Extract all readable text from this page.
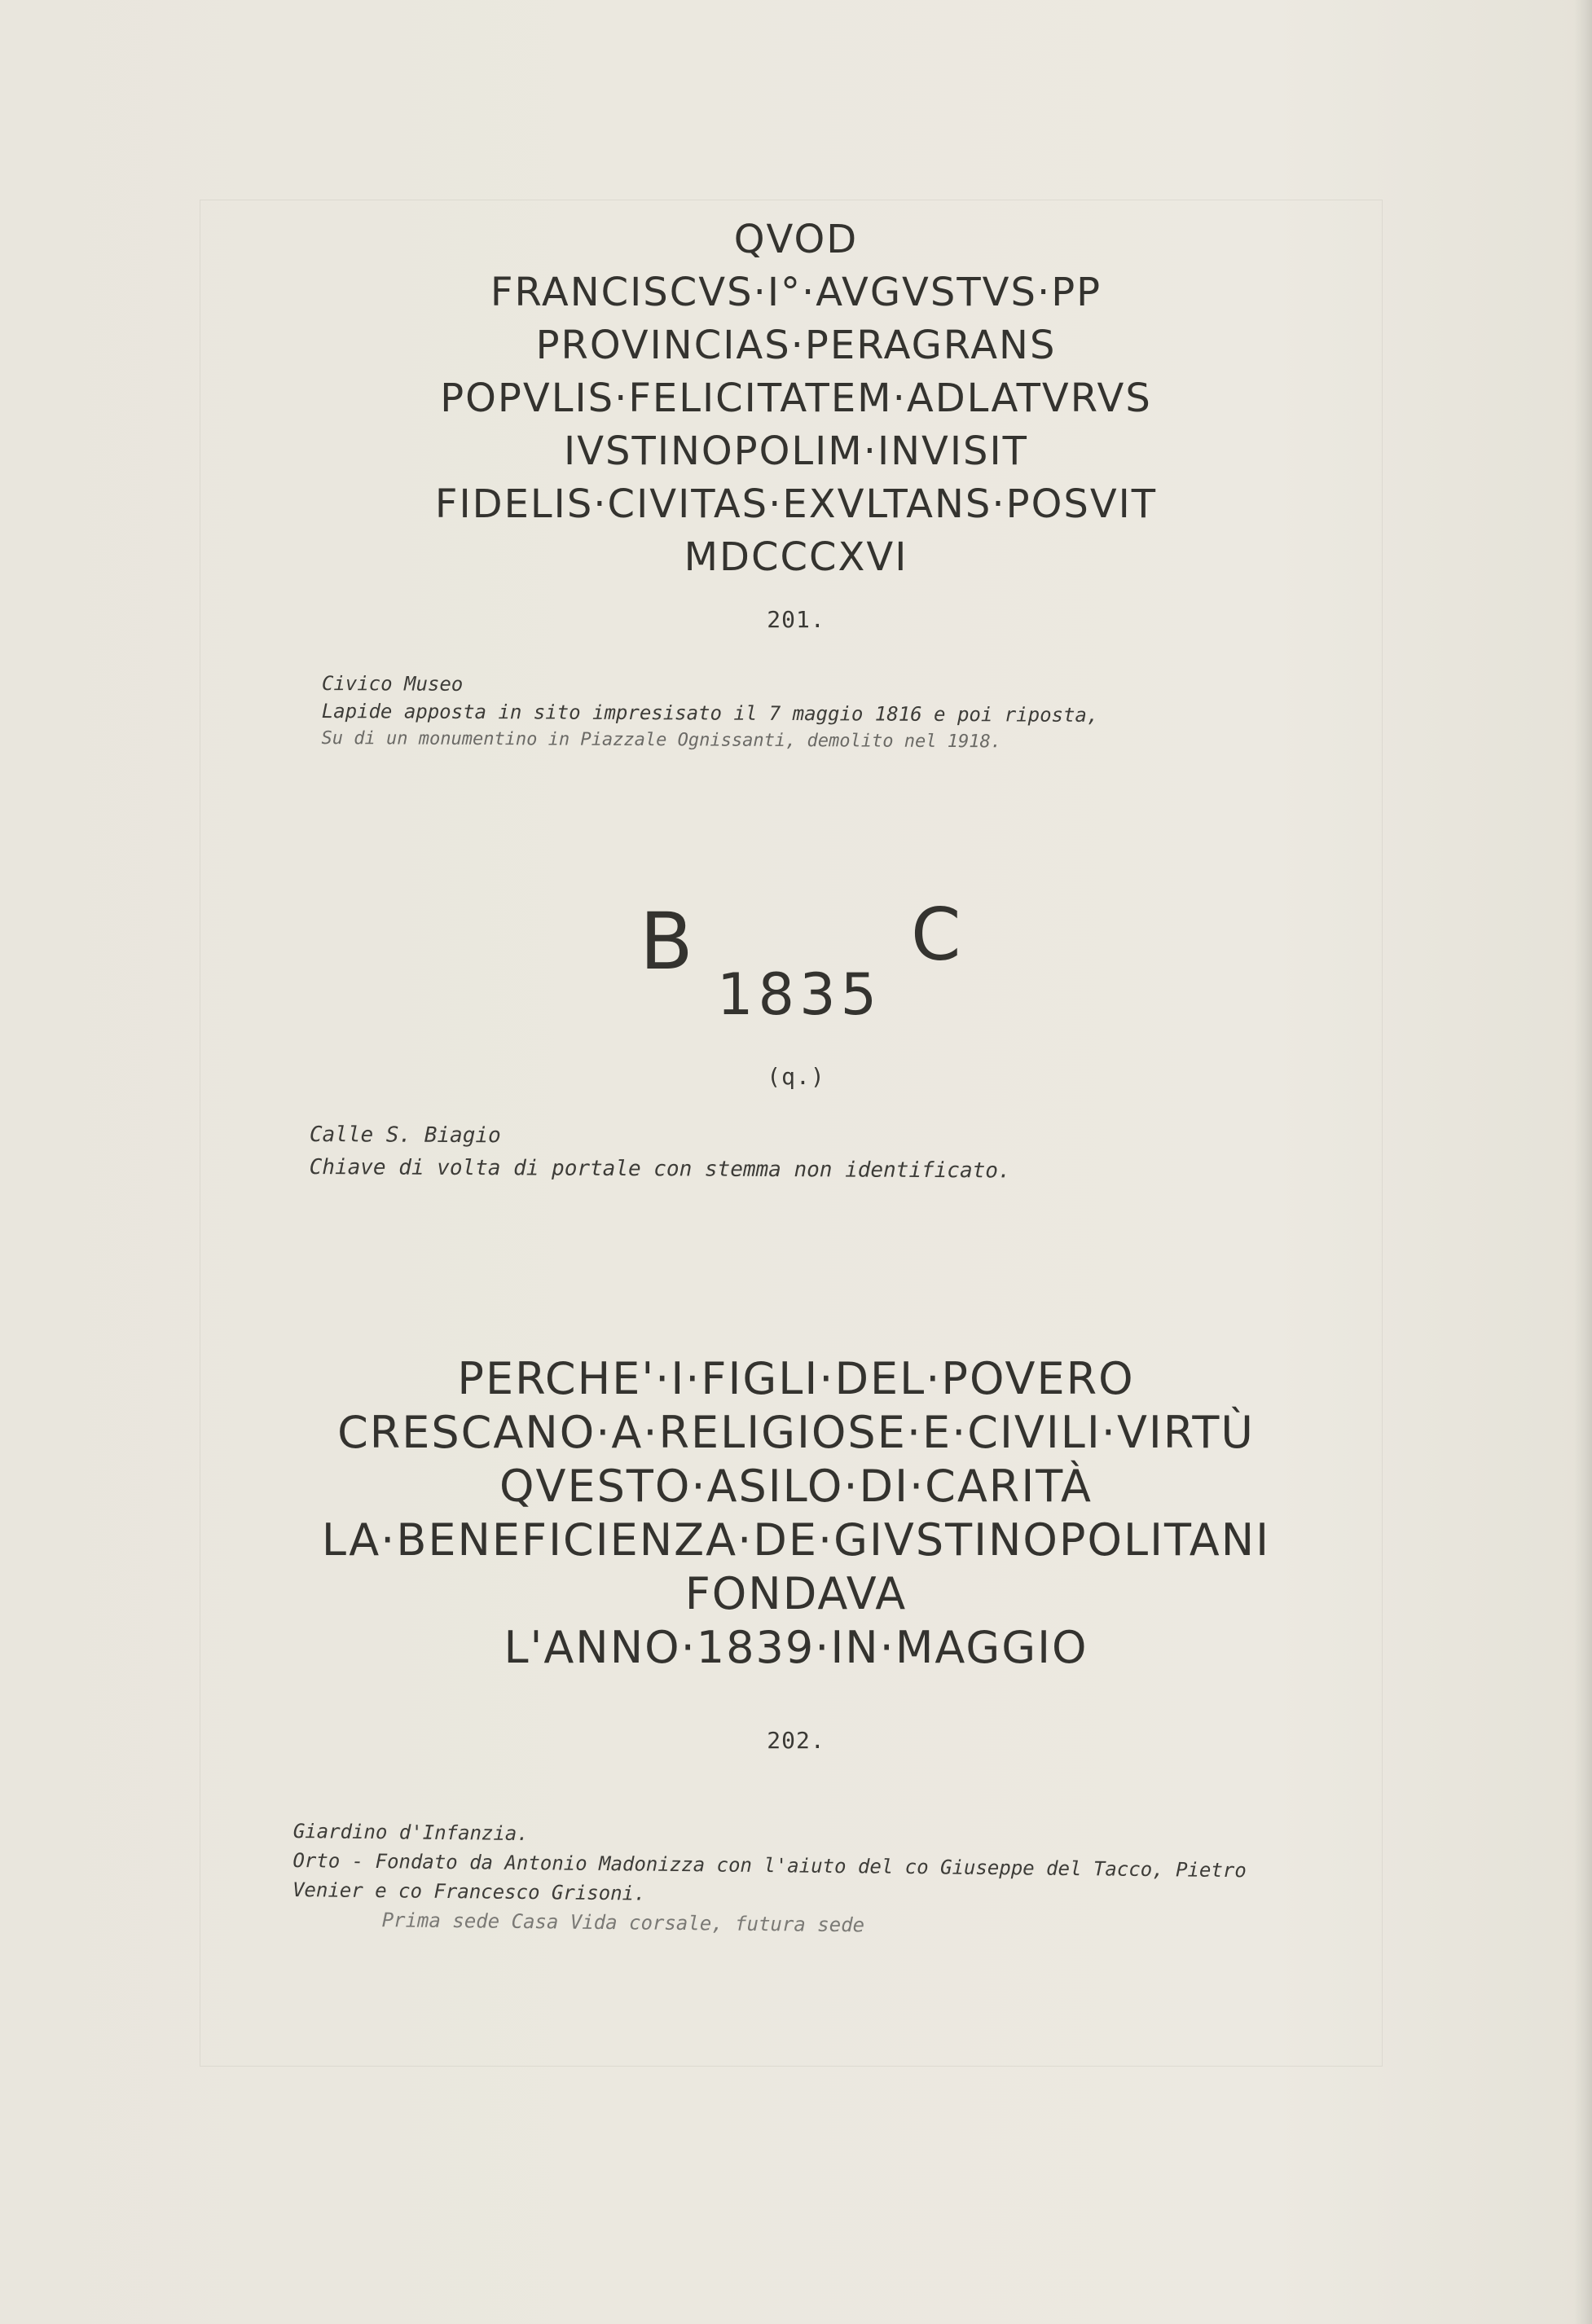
QVOD
FRANCISCVS·I°·AVGVSTVS·PP
PROVINCIAS·PERAGRANS
POPVLIS·FELICITATEM·ADLATVRVS
IVSTINOPOLIM·INVISIT
FIDELIS·CIVITAS·EXVLTANS·POSVIT
MDCCCXVI
201.
Civico Museo
Lapide apposta in sito impresisato il 7 maggio 1816 e poi riposta,
Su di un monumentino in Piazzale Ognissanti, demolito nel 1918.
B
1835
C
(q.)
Calle S. Biagio
Chiave di volta di portale con stemma non identificato.
PERCHE'·I·FIGLI·DEL·POVERO
CRESCANO·A·RELIGIOSE·E·CIVILI·VIRTÙ
QVESTO·ASILO·DI·CARITÀ
LA·BENEFICIENZA·DE·GIVSTINOPOLITANI
FONDAVA
L'ANNO·1839·IN·MAGGIO
202.
Giardino d'Infanzia.
Orto - Fondato da Antonio Madonizza con l'aiuto del co Giuseppe del Tacco, Pietro
Venier e co Francesco Grisoni.
Prima sede Casa Vida corsale, futura sede
